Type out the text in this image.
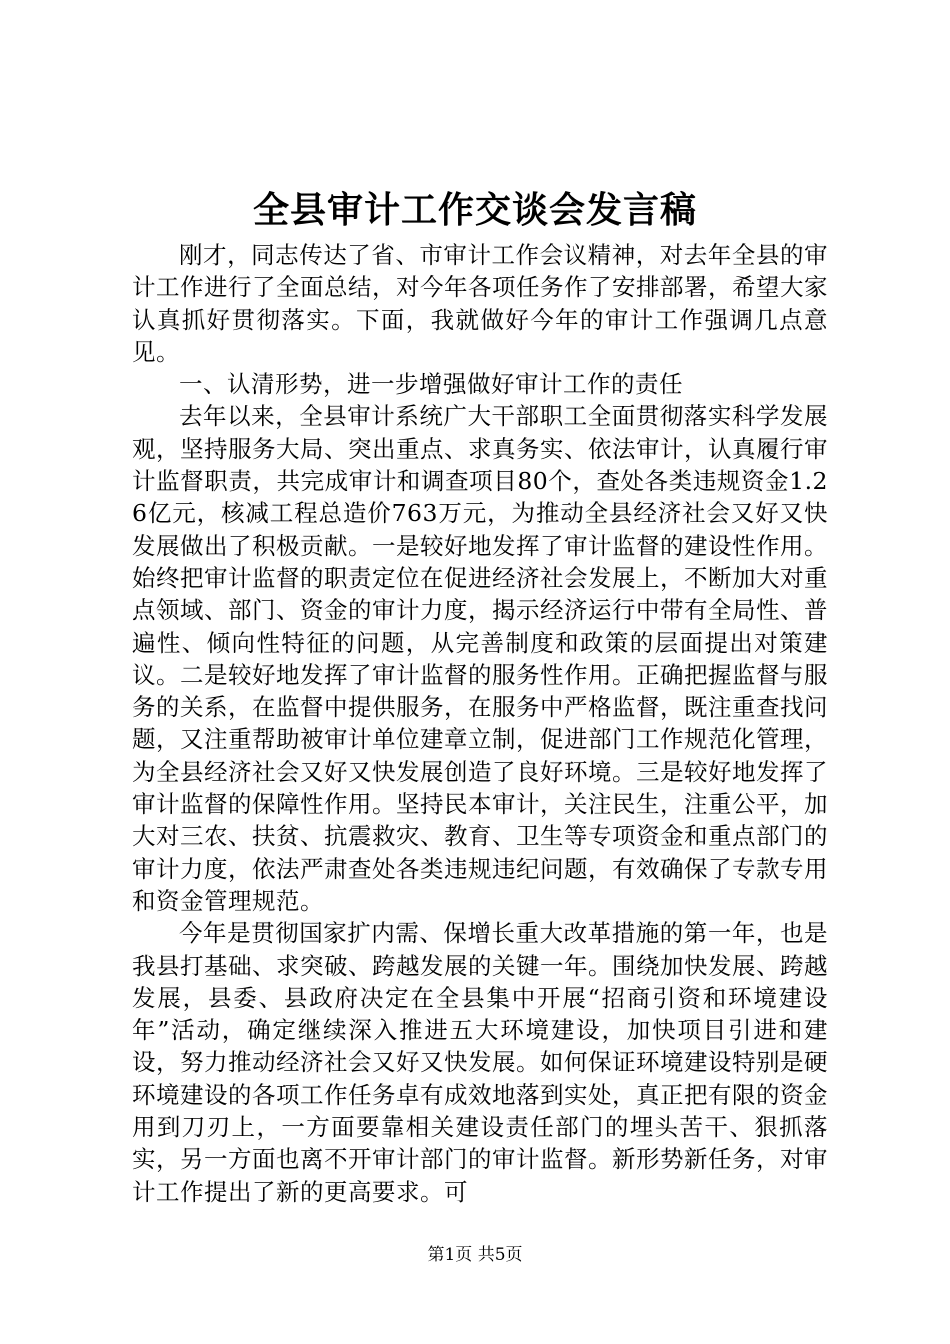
全县审计工作交谈会发言稿

刚才，同志传达了省、市审计工作会议精神，对去年全县的审计工作进行了全面总结，对今年各项任务作了安排部署，希望大家认真抓好贯彻落实。下面，我就做好今年的审计工作强调几点意见。

一、认清形势，进一步增强做好审计工作的责任

去年以来，全县审计系统广大干部职工全面贯彻落实科学发展观，坚持服务大局、突出重点、求真务实、依法审计，认真履行审计监督职责，共完成审计和调查项目80个，查处各类违规资金1.26亿元，核减工程总造价763万元，为推动全县经济社会又好又快发展做出了积极贡献。一是较好地发挥了审计监督的建设性作用。始终把审计监督的职责定位在促进经济社会发展上，不断加大对重点领域、部门、资金的审计力度，揭示经济运行中带有全局性、普遍性、倾向性特征的问题，从完善制度和政策的层面提出对策建议。二是较好地发挥了审计监督的服务性作用。正确把握监督与服务的关系，在监督中提供服务，在服务中严格监督，既注重查找问题，又注重帮助被审计单位建章立制，促进部门工作规范化管理，为全县经济社会又好又快发展创造了良好环境。三是较好地发挥了审计监督的保障性作用。坚持民本审计，关注民生，注重公平，加大对三农、扶贫、抗震救灾、教育、卫生等专项资金和重点部门的审计力度，依法严肃查处各类违规违纪问题，有效确保了专款专用和资金管理规范。

今年是贯彻国家扩内需、保增长重大改革措施的第一年，也是我县打基础、求突破、跨越发展的关键一年。围绕加快发展、跨越发展，县委、县政府决定在全县集中开展“招商引资和环境建设年”活动，确定继续深入推进五大环境建设，加快项目引进和建设，努力推动经济社会又好又快发展。如何保证环境建设特别是硬环境建设的各项工作任务卓有成效地落到实处，真正把有限的资金用到刀刃上，一方面要靠相关建设责任部门的埋头苦干、狠抓落实，另一方面也离不开审计部门的审计监督。新形势新任务，对审计工作提出了新的更高要求。可

第1页 共5页
